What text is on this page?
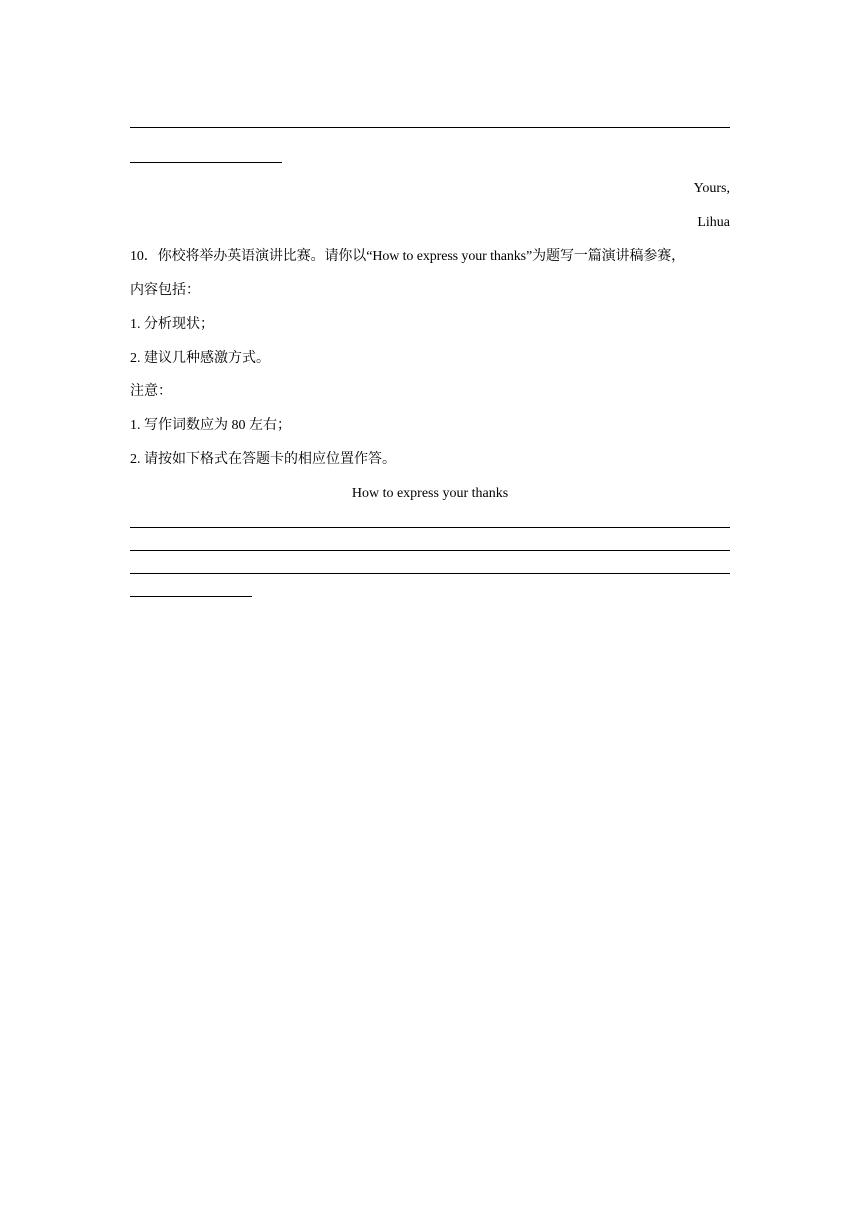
Yours,
Lihua
10．你校将举办英语演讲比赛。请你以“How to express your thanks”为题写一篇演讲稿参赛，
内容包括：
1. 分析现状；
2. 建议几种感激方式。
注意：
1. 写作词数应为 80 左右；
2. 请按如下格式在答题卡的相应位置作答。
How to express your thanks
